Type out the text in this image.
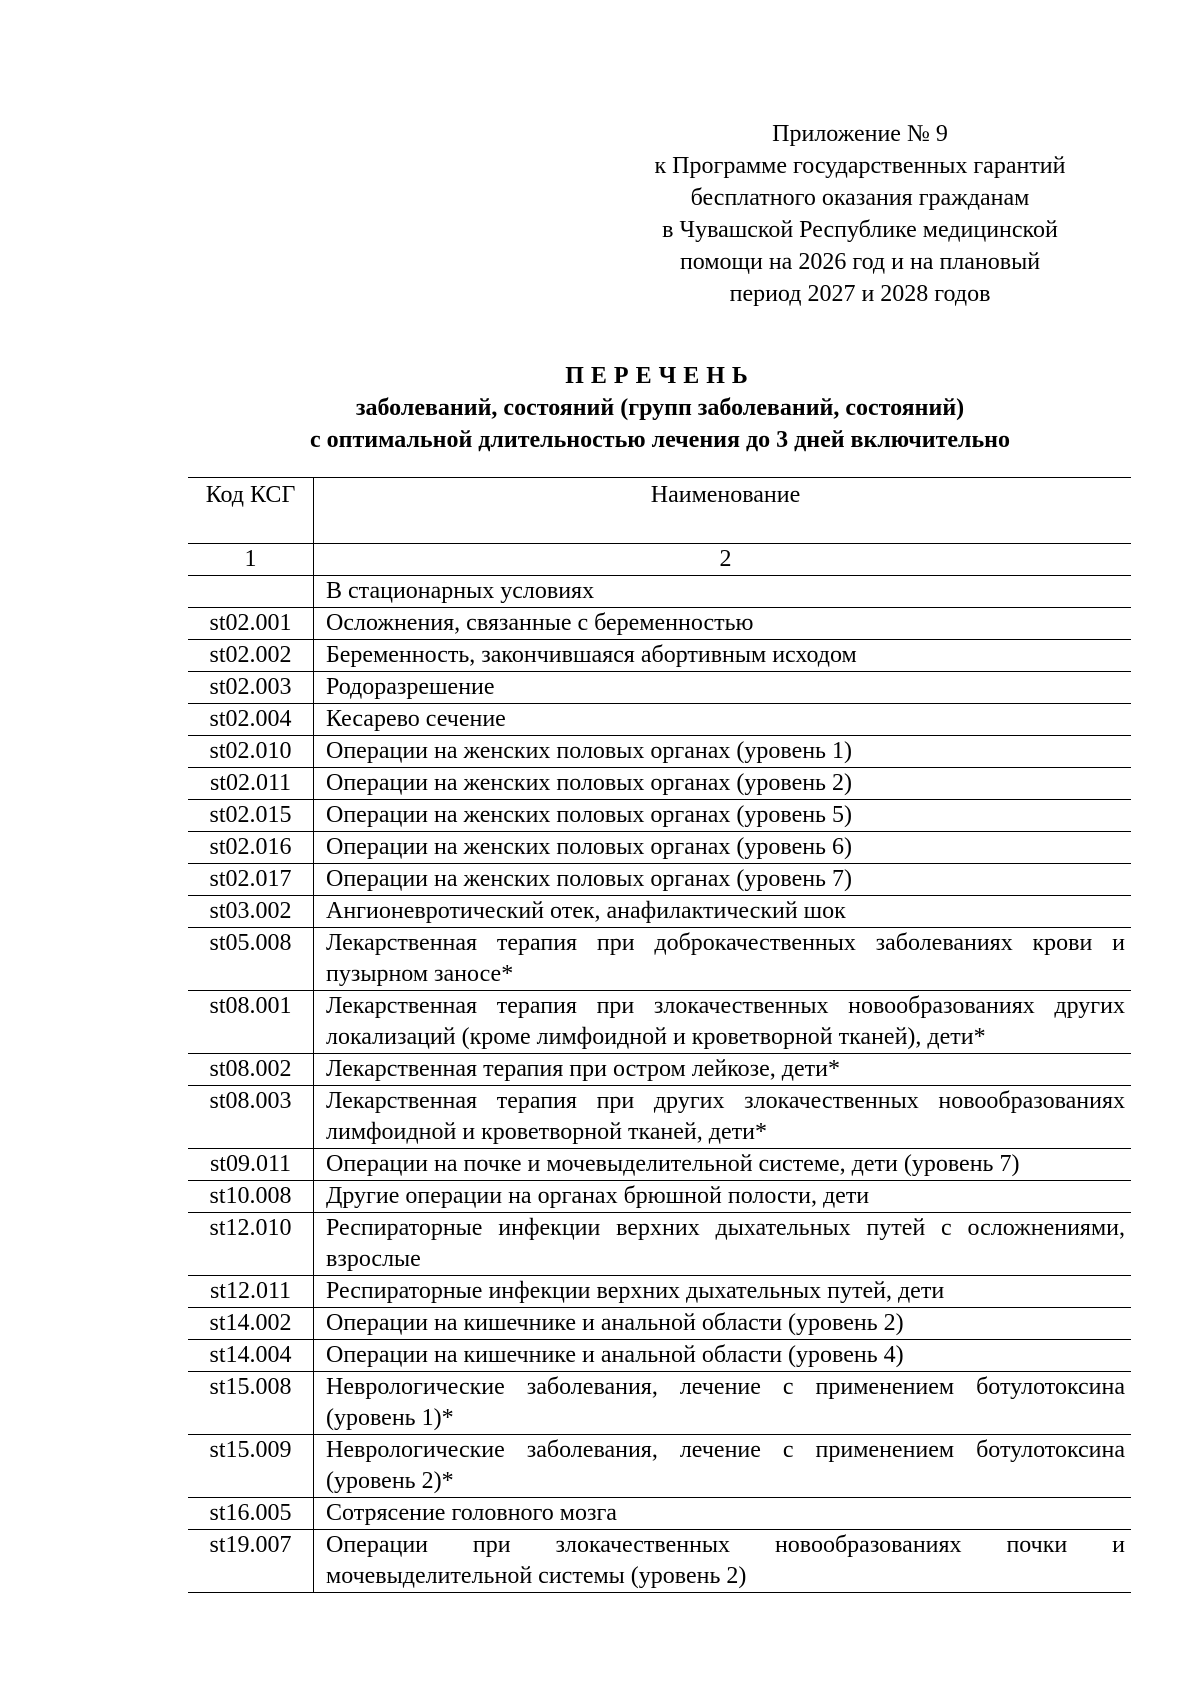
Приложение № 9
к Программе государственных гарантий
бесплатного оказания гражданам
в Чувашской Республике медицинской
помощи на 2026 год и на плановый
период 2027 и 2028 годов
ПЕРЕЧЕНЬ
заболеваний, состояний (групп заболеваний, состояний)
с оптимальной длительностью лечения до 3 дней включительно
Код КСГ	Наименование
1	2
	В стационарных условиях
st02.001	Осложнения, связанные с беременностью
st02.002	Беременность, закончившаяся абортивным исходом
st02.003	Родоразрешение
st02.004	Кесарево сечение
st02.010	Операции на женских половых органах (уровень 1)
st02.011	Операции на женских половых органах (уровень 2)
st02.015	Операции на женских половых органах (уровень 5)
st02.016	Операции на женских половых органах (уровень 6)
st02.017	Операции на женских половых органах (уровень 7)
st03.002	Ангионевротический отек, анафилактический шок
st05.008	Лекарственная терапия при доброкачественных заболеваниях крови и пузырном заносе*
st08.001	Лекарственная терапия при злокачественных новообразованиях других локализаций (кроме лимфоидной и кроветворной тканей), дети*
st08.002	Лекарственная терапия при остром лейкозе, дети*
st08.003	Лекарственная терапия при других злокачественных новообразованиях лимфоидной и кроветворной тканей, дети*
st09.011	Операции на почке и мочевыделительной системе, дети (уровень 7)
st10.008	Другие операции на органах брюшной полости, дети
st12.010	Респираторные инфекции верхних дыхательных путей с осложнениями, взрослые
st12.011	Респираторные инфекции верхних дыхательных путей, дети
st14.002	Операции на кишечнике и анальной области (уровень 2)
st14.004	Операции на кишечнике и анальной области (уровень 4)
st15.008	Неврологические заболевания, лечение с применением ботулотоксина (уровень 1)*
st15.009	Неврологические заболевания, лечение с применением ботулотоксина (уровень 2)*
st16.005	Сотрясение головного мозга
st19.007	Операции при злокачественных новообразованиях почки и мочевыделительной системы (уровень 2)
